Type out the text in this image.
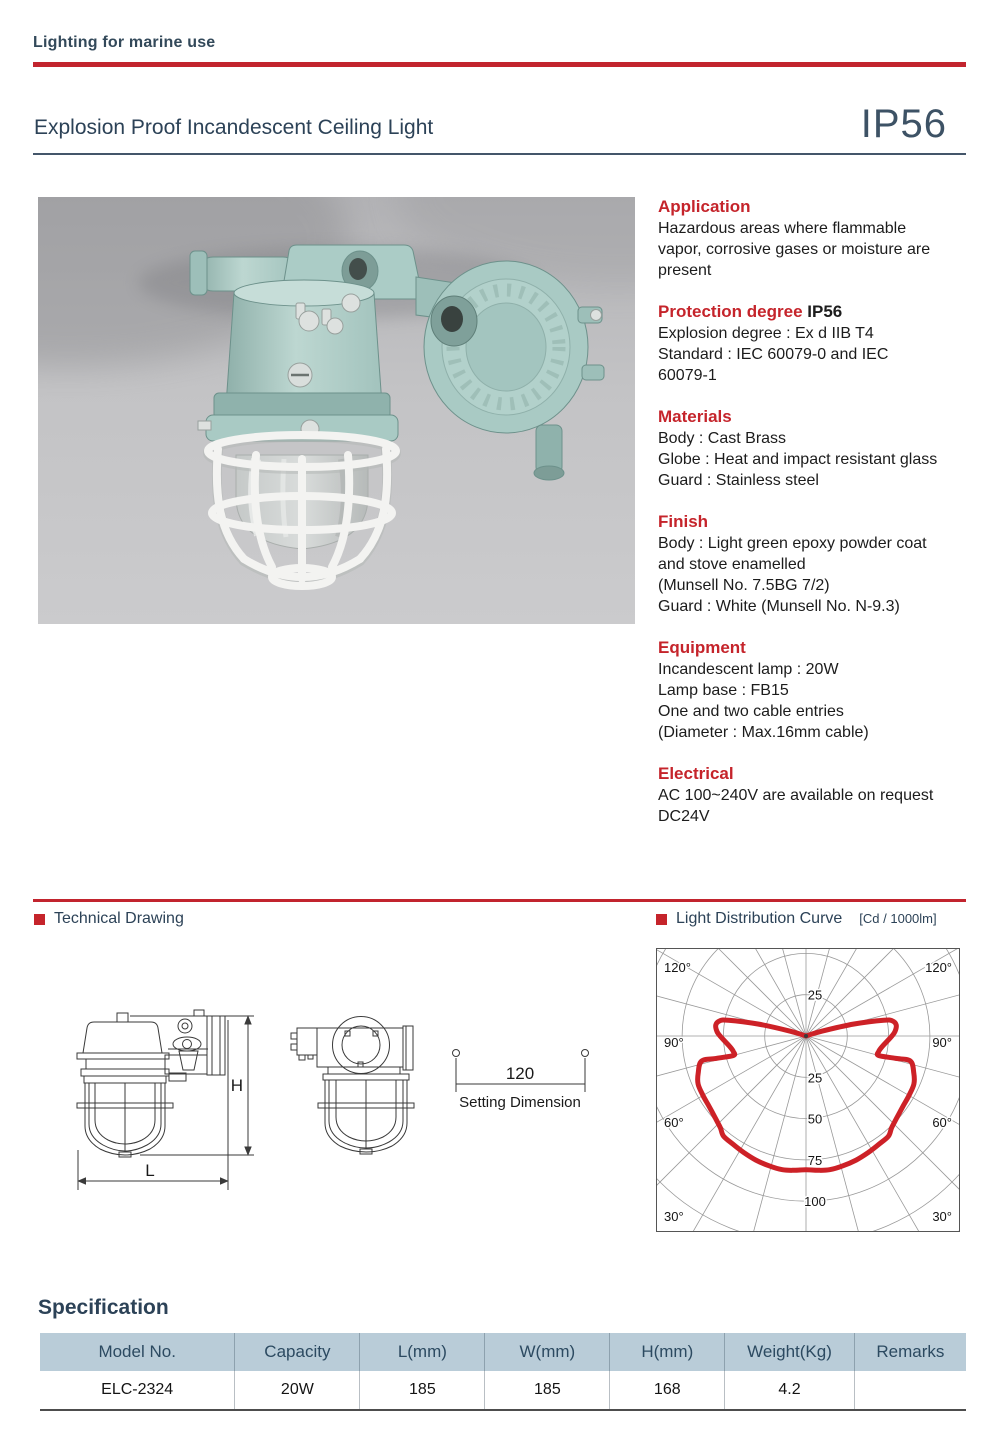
Lighting for marine use
Explosion Proof Incandescent Ceiling Light	IP56
Application
Hazardous areas where flammable
vapor, corrosive gases or moisture are
present
Protection degree IP56
Explosion degree : Ex d IIB T4
Standard : IEC 60079-0 and IEC
60079-1
Materials
Body : Cast Brass
Globe : Heat and impact resistant glass
Guard : Stainless steel
Finish
Body : Light green epoxy powder coat
and stove enamelled
(Munsell No. 7.5BG 7/2)
Guard : White (Munsell No. N-9.3)
Equipment
Incandescent lamp : 20W
Lamp base : FB15
One and two cable entries
(Diameter : Max.16mm cable)
Electrical
AC 100~240V are available on request
DC24V
Technical Drawing	Light Distribution Curve [Cd / 1000lm]
H
L
120
Setting Dimension
25
50
75
100
25
120°	120°
90°	90°
60°	60°
30°	30°
Specification
Model No.	Capacity	L(mm)	W(mm)	H(mm)	Weight(Kg)	Remarks
ELC-2324	20W	185	185	168	4.2
